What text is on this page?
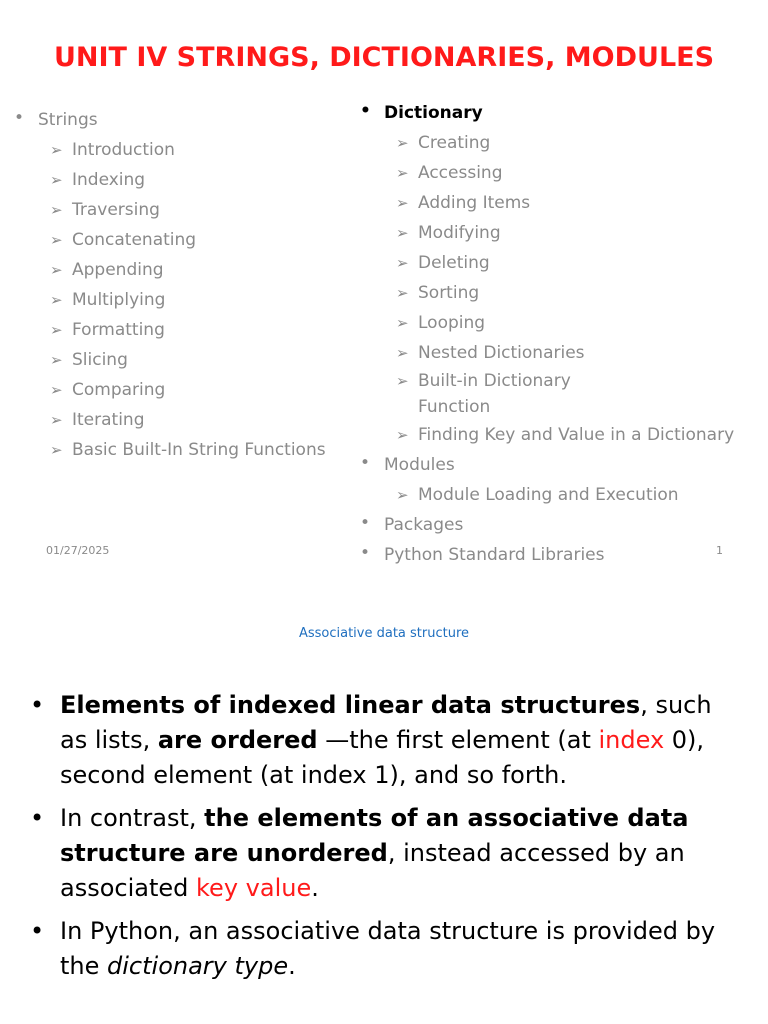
UNIT IV STRINGS, DICTIONARIES, MODULES
• Strings
➢ Introduction
➢ Indexing
➢ Traversing
➢ Concatenating
➢ Appending
➢ Multiplying
➢ Formatting
➢ Slicing
➢ Comparing
➢ Iterating
➢ Basic Built-In String Functions
• Dictionary
➢ Creating
➢ Accessing
➢ Adding Items
➢ Modifying
➢ Deleting
➢ Sorting
➢ Looping
➢ Nested Dictionaries
➢ Built-in Dictionary Function
➢ Finding Key and Value in a Dictionary
• Modules
➢ Module Loading and Execution
• Packages
• Python Standard Libraries
01/27/2025	1
Associative data structure
• Elements of indexed linear data structures, such as lists, are ordered —the first element (at index 0), second element (at index 1), and so forth.
• In contrast, the elements of an associative data structure are unordered, instead accessed by an associated key value.
• In Python, an associative data structure is provided by the dictionary type.
